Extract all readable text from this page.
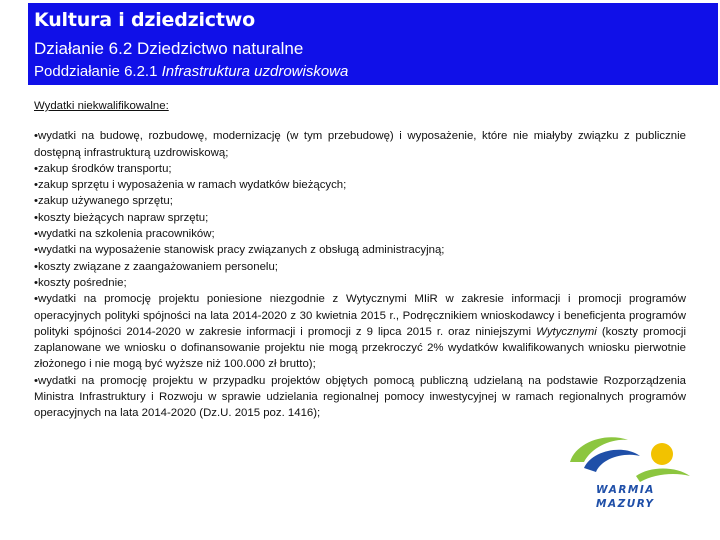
Kultura i dziedzictwo
Działanie 6.2 Dziedzictwo naturalne
Poddziałanie 6.2.1 Infrastruktura uzdrowiskowa
Wydatki niekwalifikowalne:
•wydatki na budowę, rozbudowę, modernizację (w tym przebudowę) i wyposażenie, które nie miałyby związku z publicznie dostępną infrastrukturą uzdrowiskową;
•zakup środków transportu;
•zakup sprzętu i wyposażenia w ramach wydatków bieżących;
•zakup używanego sprzętu;
•koszty bieżących napraw sprzętu;
•wydatki na szkolenia pracowników;
•wydatki na wyposażenie stanowisk pracy związanych z obsługą administracyjną;
•koszty związane z zaangażowaniem personelu;
•koszty pośrednie;
•wydatki na promocję projektu poniesione niezgodnie z Wytycznymi MIiR w zakresie informacji i promocji programów operacyjnych polityki spójności na lata 2014-2020 z 30 kwietnia 2015 r., Podręcznikiem wnioskodawcy i beneficjenta programów polityki spójności 2014-2020 w zakresie informacji i promocji z 9 lipca 2015 r. oraz niniejszymi Wytycznymi (koszty promocji zaplanowane we wniosku o dofinansowanie projektu nie mogą przekroczyć 2% wydatków kwalifikowanych wniosku pierwotnie złożonego i nie mogą być wyższe niż 100.000 zł brutto);
•wydatki na promocję projektu w przypadku projektów objętych pomocą publiczną udzielaną na podstawie Rozporządzenia Ministra Infrastruktury i Rozwoju w sprawie udzielania regionalnej pomocy inwestycyjnej w ramach regionalnych programów operacyjnych na lata 2014-2020 (Dz.U. 2015 poz. 1416);
WARMIA
MAZURY
